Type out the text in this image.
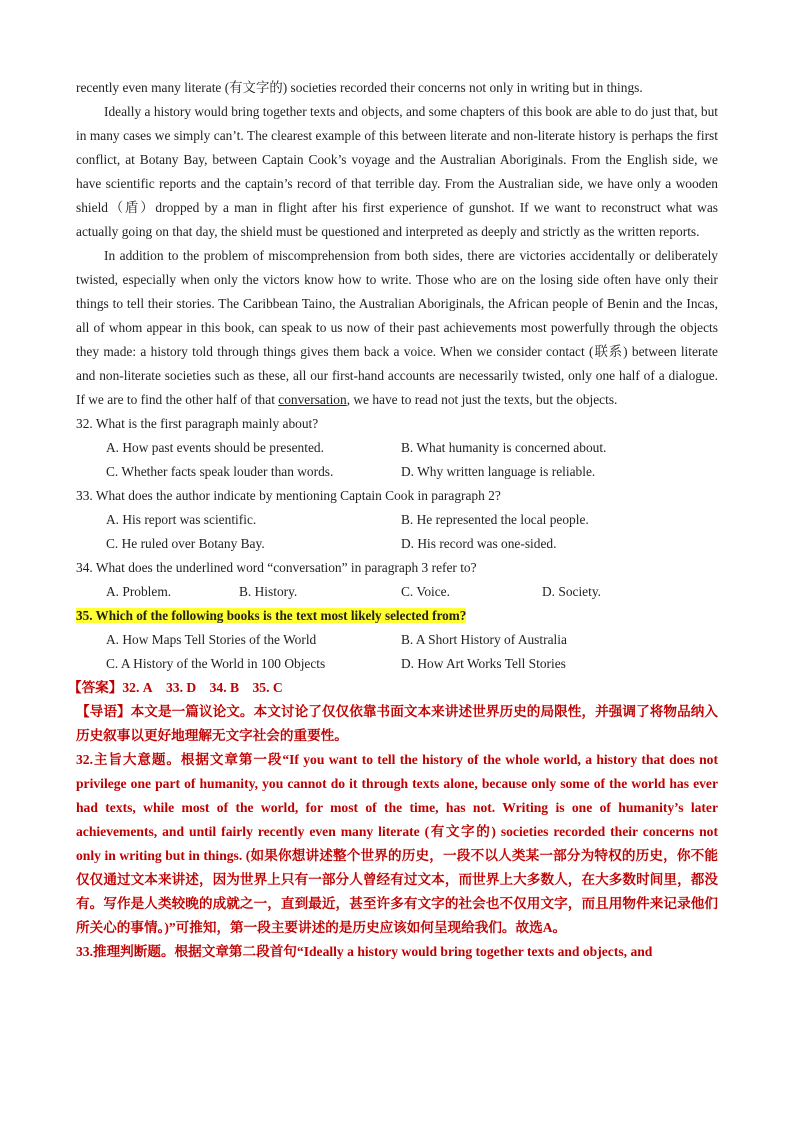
recently even many literate (有文字的) societies recorded their concerns not only in writing but in things.

Ideally a history would bring together texts and objects, and some chapters of this book are able to do just that, but in many cases we simply can’t. The clearest example of this between literate and non-literate history is perhaps the first conflict, at Botany Bay, between Captain Cook’s voyage and the Australian Aboriginals. From the English side, we have scientific reports and the captain’s record of that terrible day. From the Australian side, we have only a wooden shield（盾）dropped by a man in flight after his first experience of gunshot. If we want to reconstruct what was actually going on that day, the shield must be questioned and interpreted as deeply and strictly as the written reports.

In addition to the problem of miscomprehension from both sides, there are victories accidentally or deliberately twisted, especially when only the victors know how to write. Those who are on the losing side often have only their things to tell their stories. The Caribbean Taino, the Australian Aboriginals, the African people of Benin and the Incas, all of whom appear in this book, can speak to us now of their past achievements most powerfully through the objects they made: a history told through things gives them back a voice. When we consider contact (联系) between literate and non-literate societies such as these, all our first-hand accounts are necessarily twisted, only one half of a dialogue. If we are to find the other half of that conversation, we have to read not just the texts, but the objects.

32. What is the first paragraph mainly about?
A. How past events should be presented.	B. What humanity is concerned about.
C. Whether facts speak louder than words.	D. Why written language is reliable.
33. What does the author indicate by mentioning Captain Cook in paragraph 2?
A. His report was scientific.	B. He represented the local people.
C. He ruled over Botany Bay.	D. His record was one-sided.
34. What does the underlined word “conversation” in paragraph 3 refer to?
A. Problem.	B. History.	C. Voice.	D. Society.
35. Which of the following books is the text most likely selected from?
A. How Maps Tell Stories of the World	B. A Short History of Australia
C. A History of the World in 100 Objects	D. How Art Works Tell Stories
【答案】32. A 33. D 34. B 35. C

【导语】本文是一篇议论文。本文讨论了仅仅依靠书面文本来讲述世界历史的局限性，并强调了将物品纳入历史叙事以更好地理解无文字社会的重要性。

32.主旨大意题。根据文章第一段“If you want to tell the history of the whole world, a history that does not privilege one part of humanity, you cannot do it through texts alone, because only some of the world has ever had texts, while most of the world, for most of the time, has not. Writing is one of humanity’s later achievements, and until fairly recently even many literate (有文字的) societies recorded their concerns not only in writing but in things. (如果你想讲述整个世界的历史，一段不以人类某一部分为特权的历史，你不能仅仅通过文本来讲述，因为世界上只有一部分人曾经有过文本，而世界上大多数人，在大多数时间里，都没有。写作是人类较晚的成就之一，直到最近，甚至许多有文字的社会也不仅用文字，而且用物件来记录他们所关心的事情。)”可推知，第一段主要讲述的是历史应该如何呈现给我们。故选A。

33.推理判断题。根据文章第二段首句“Ideally a history would bring together texts and objects, and
